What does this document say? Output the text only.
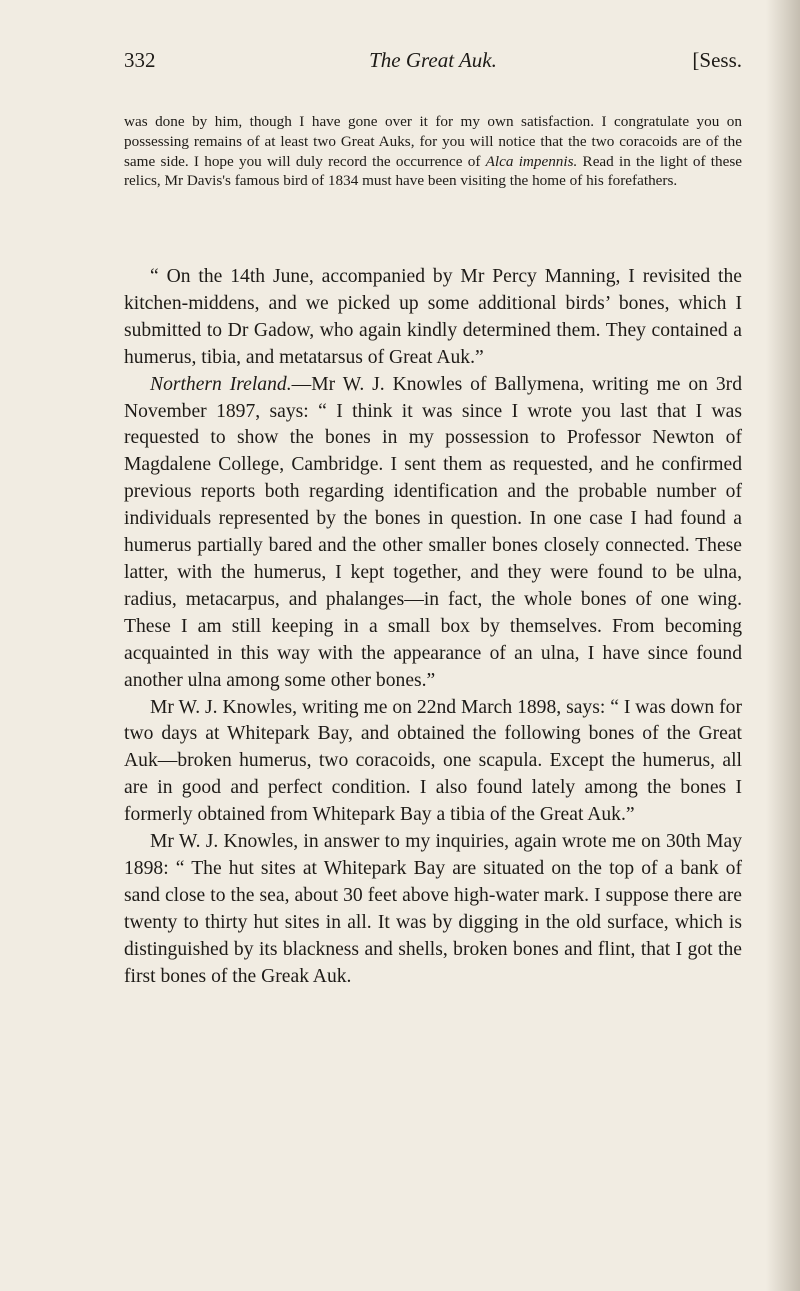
332	The Great Auk.	[Sess.

was done by him, though I have gone over it for my own satisfaction. I congratulate you on possessing remains of at least two Great Auks, for you will notice that the two coracoids are of the same side. I hope you will duly record the occurrence of Alca impennis. Read in the light of these relics, Mr Davis's famous bird of 1834 must have been visiting the home of his forefathers.

“ On the 14th June, accompanied by Mr Percy Manning, I revisited the kitchen-middens, and we picked up some additional birds’ bones, which I submitted to Dr Gadow, who again kindly determined them. They contained a humerus, tibia, and metatarsus of Great Auk.”

Northern Ireland.—Mr W. J. Knowles of Ballymena, writing me on 3rd November 1897, says: “ I think it was since I wrote you last that I was requested to show the bones in my possession to Professor Newton of Magdalene College, Cambridge. I sent them as requested, and he confirmed previous reports both regarding identification and the probable number of individuals represented by the bones in question. In one case I had found a humerus partially bared and the other smaller bones closely connected. These latter, with the humerus, I kept together, and they were found to be ulna, radius, metacarpus, and phalanges—in fact, the whole bones of one wing. These I am still keeping in a small box by themselves. From becoming acquainted in this way with the appearance of an ulna, I have since found another ulna among some other bones.”

Mr W. J. Knowles, writing me on 22nd March 1898, says: “ I was down for two days at Whitepark Bay, and obtained the following bones of the Great Auk—broken humerus, two coracoids, one scapula. Except the humerus, all are in good and perfect condition. I also found lately among the bones I formerly obtained from Whitepark Bay a tibia of the Great Auk.”

Mr W. J. Knowles, in answer to my inquiries, again wrote me on 30th May 1898: “ The hut sites at Whitepark Bay are situated on the top of a bank of sand close to the sea, about 30 feet above high-water mark. I suppose there are twenty to thirty hut sites in all. It was by digging in the old surface, which is distinguished by its blackness and shells, broken bones and flint, that I got the first bones of the Greak Auk.
